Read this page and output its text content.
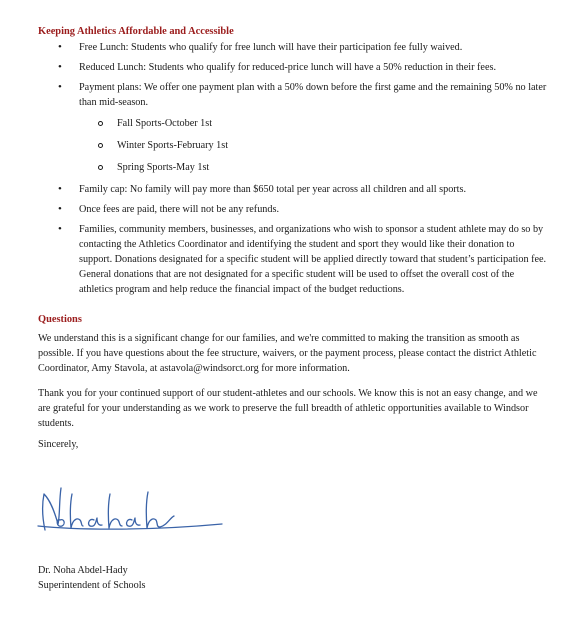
Keeping Athletics Affordable and Accessible
• Free Lunch: Students who qualify for free lunch will have their participation fee fully waived.
• Reduced Lunch: Students who qualify for reduced-price lunch will have a 50% reduction in their fees.
• Payment plans: We offer one payment plan with a 50% down before the first game and the remaining 50% no later than mid-season.
Fall Sports-October 1st
Winter Sports-February 1st
Spring Sports-May 1st
• Family cap: No family will pay more than $650 total per year across all children and all sports.
• Once fees are paid, there will not be any refunds.
• Families, community members, businesses, and organizations who wish to sponsor a student athlete may do so by contacting the Athletics Coordinator and identifying the student and sport they would like their donation to support. Donations designated for a specific student will be applied directly toward that student’s participation fee. General donations that are not designated for a specific student will be used to offset the overall cost of the athletics program and help reduce the financial impact of the budget reductions.
Questions

We understand this is a significant change for our families, and we're committed to making the transition as smooth as possible. If you have questions about the fee structure, waivers, or the payment process, please contact the district Athletic Coordinator, Amy Stavola, at astavola@windsorct.org for more information.

Thank you for your continued support of our student-athletes and our schools. We know this is not an easy change, and we are grateful for your understanding as we work to preserve the full breadth of athletic opportunities available to Windsor students.

Sincerely,

Dr. Noha Abdel-Hady

Superintendent of Schools
